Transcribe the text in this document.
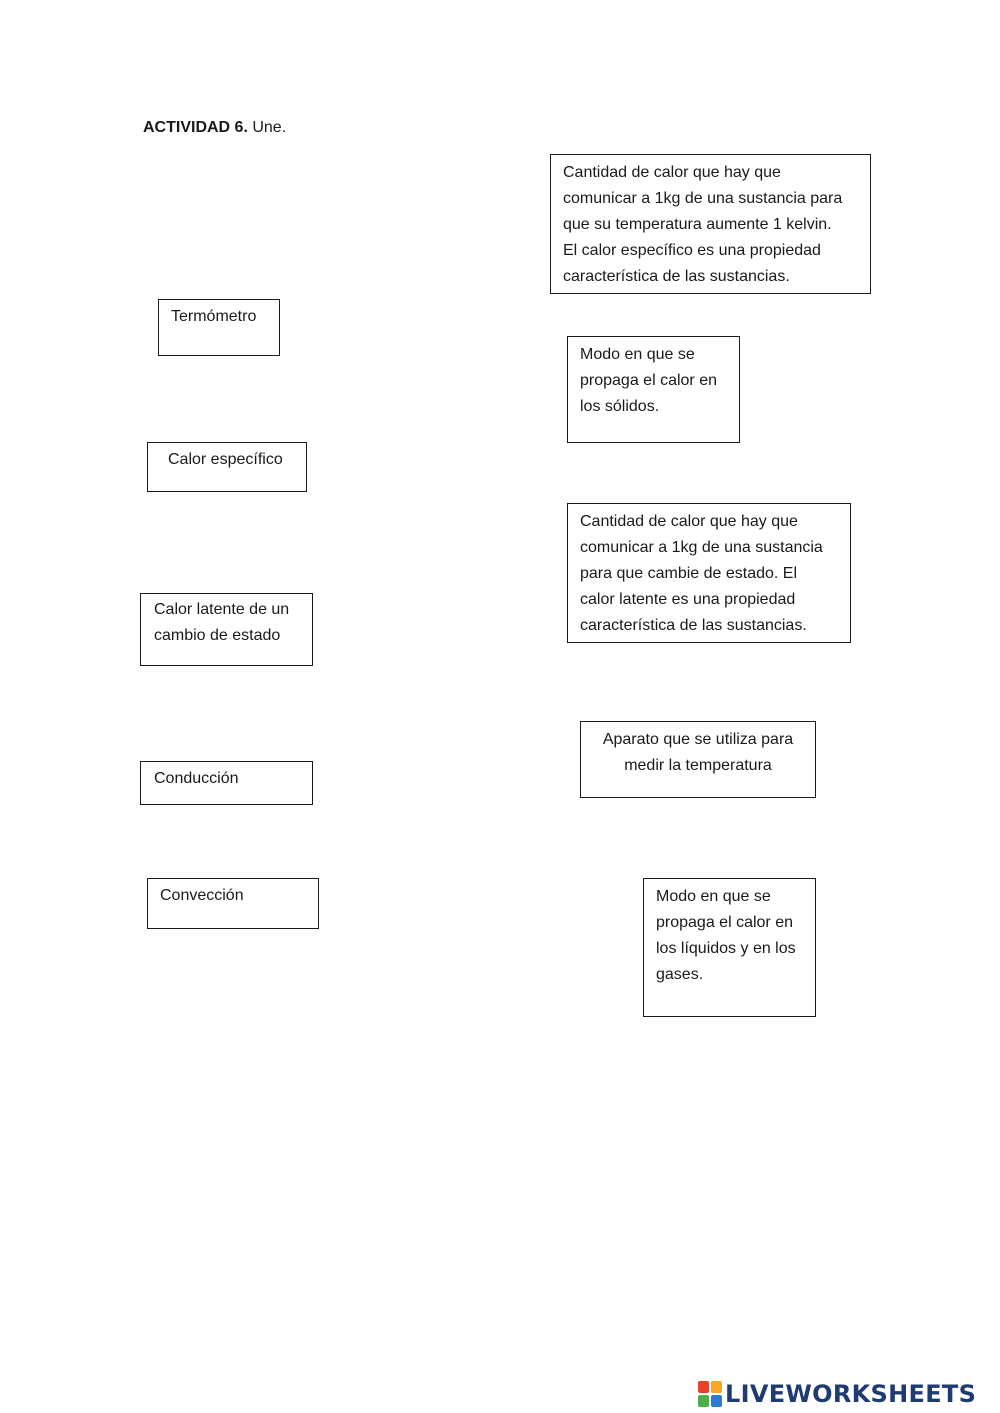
ACTIVIDAD 6. Une.
Termómetro
Calor específico
Calor latente de un
cambio de estado
Conducción
Convección
Cantidad de calor que hay que
comunicar a 1kg de una sustancia para
que su temperatura aumente 1 kelvin.
El calor específico es una propiedad
característica de las sustancias.
Modo en que se
propaga el calor en
los sólidos.
Cantidad de calor que hay que
comunicar a 1kg de una sustancia
para que cambie de estado. El
calor latente es una propiedad
característica de las sustancias.
Aparato que se utiliza para
medir la temperatura
Modo en que se
propaga el calor en
los líquidos y en los
gases.
LIVEWORKSHEETS
